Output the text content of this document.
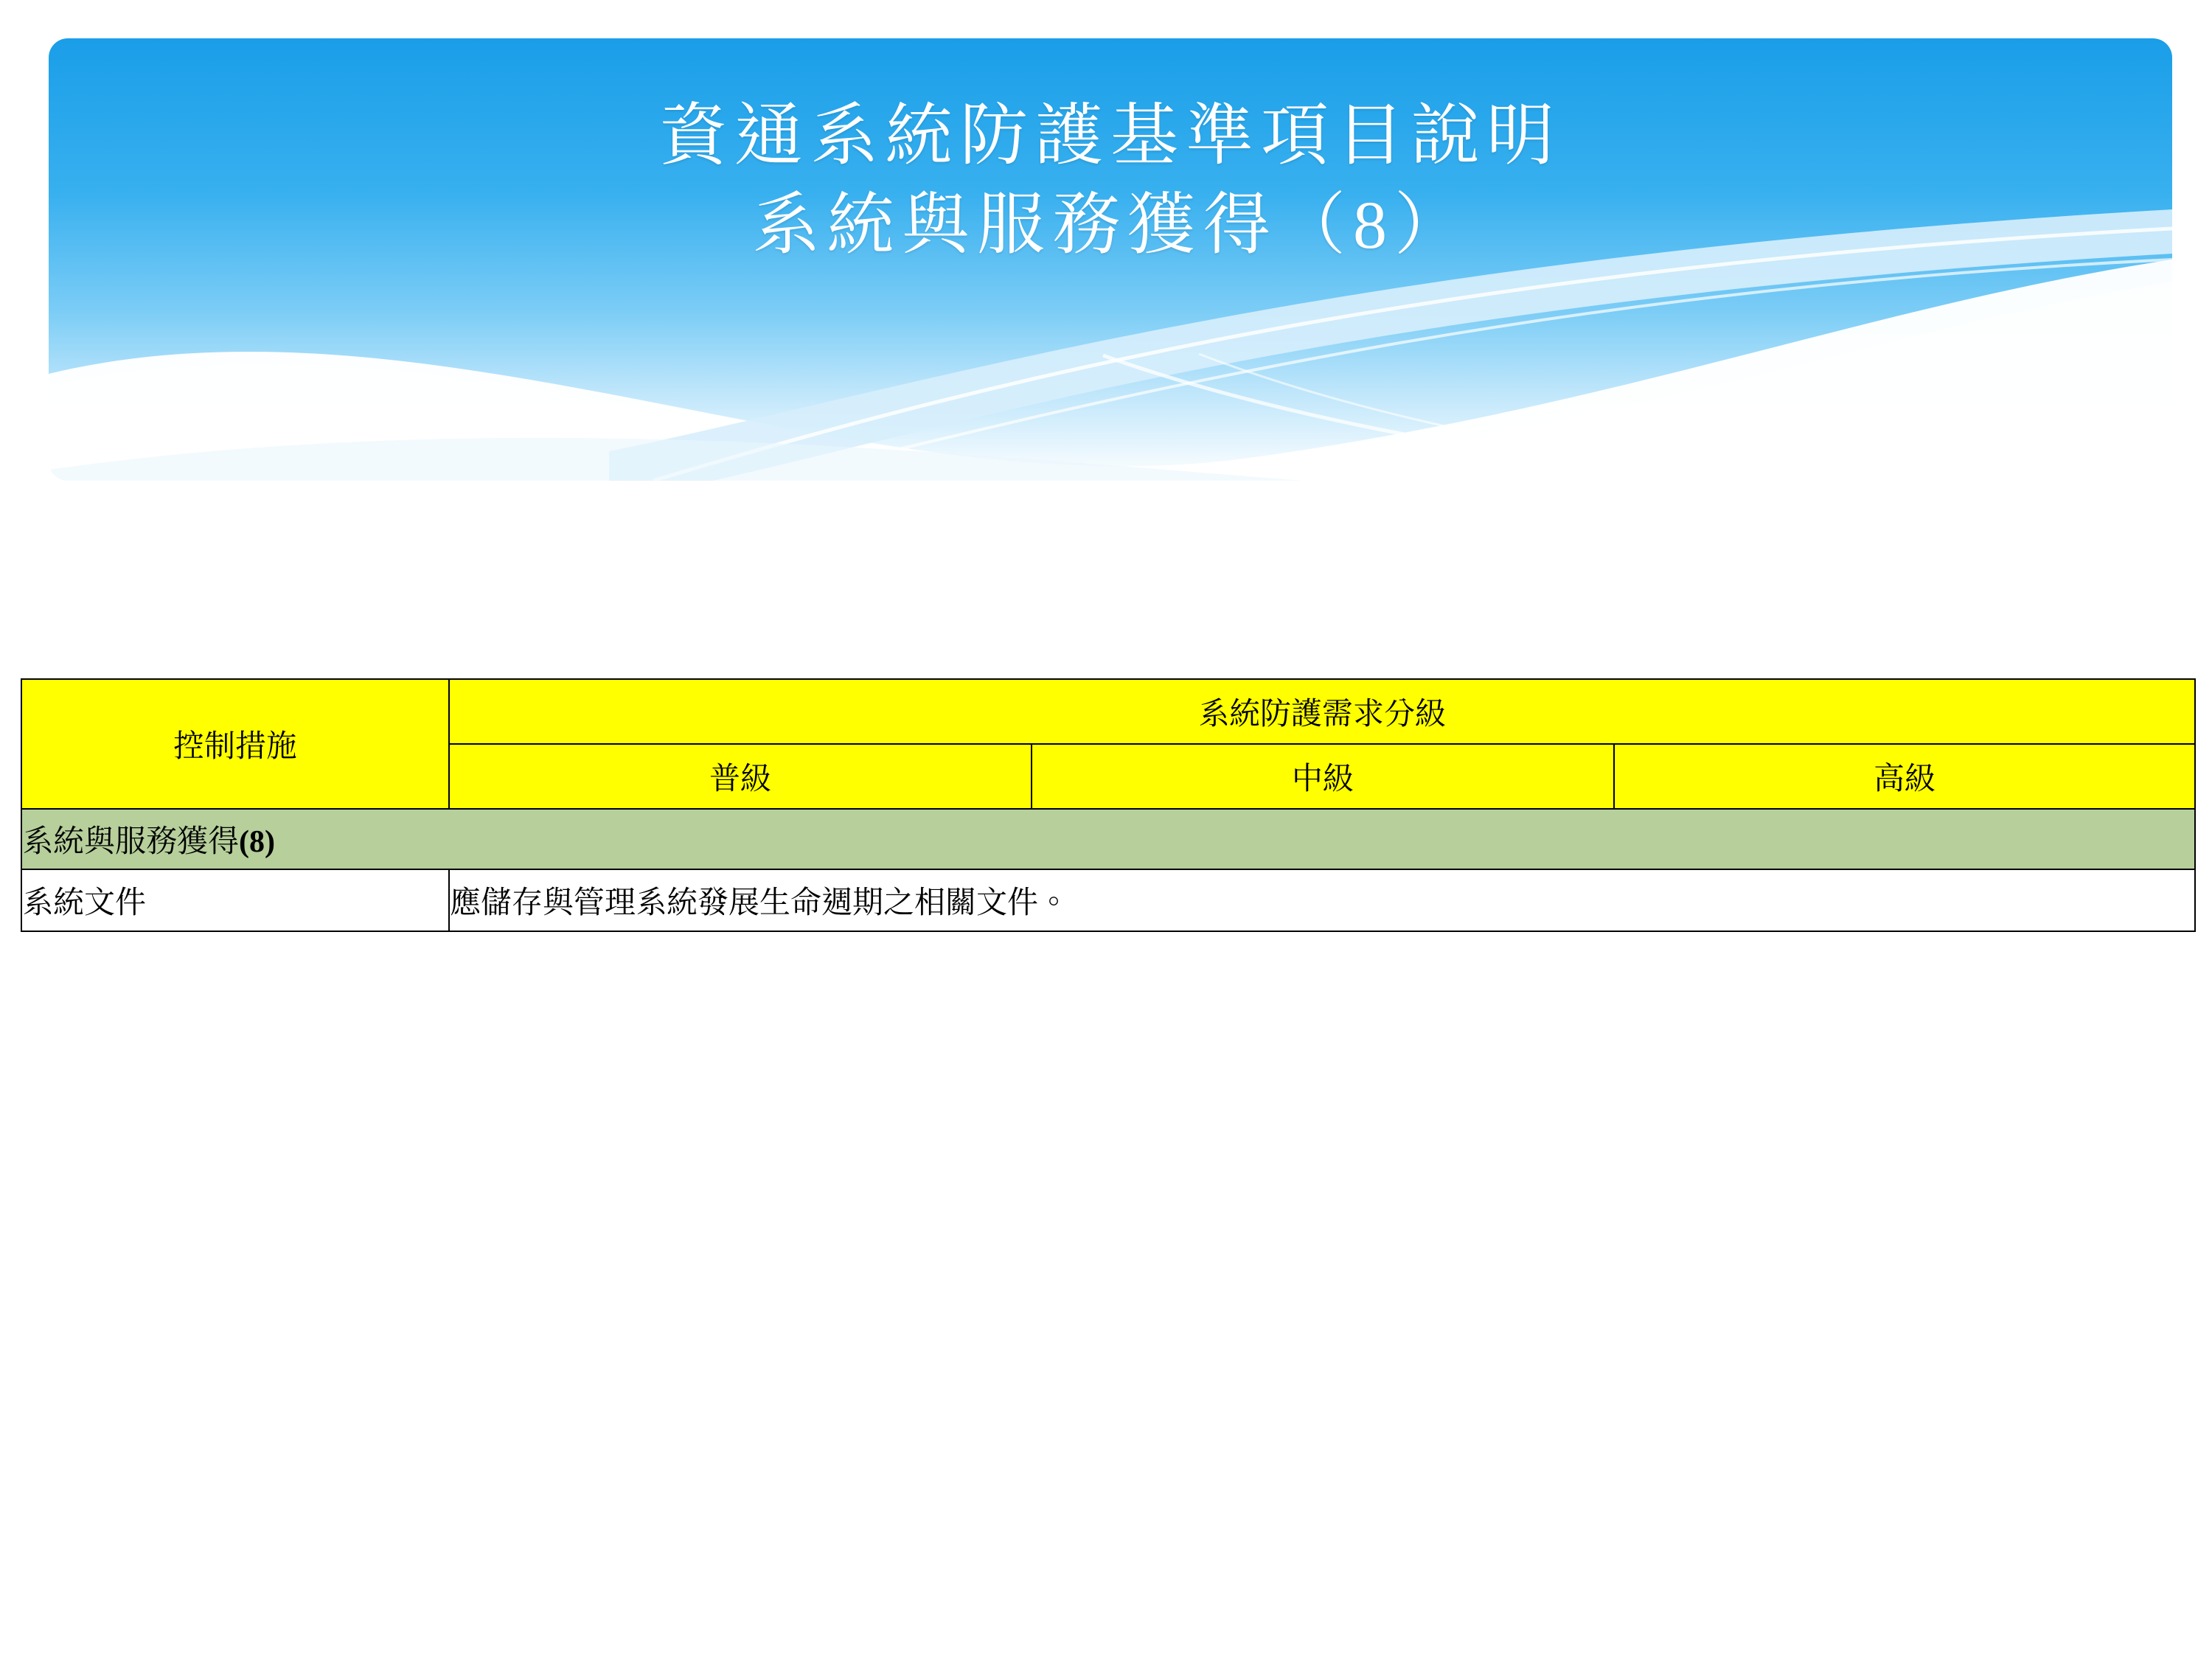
資通系統防護基準項目說明
系統與服務獲得（8）
控制措施	系統防護需求分級		
	普級	中級	高級
系統與服務獲得(8)			
系統文件	應儲存與管理系統發展生命週期之相關文件。		
